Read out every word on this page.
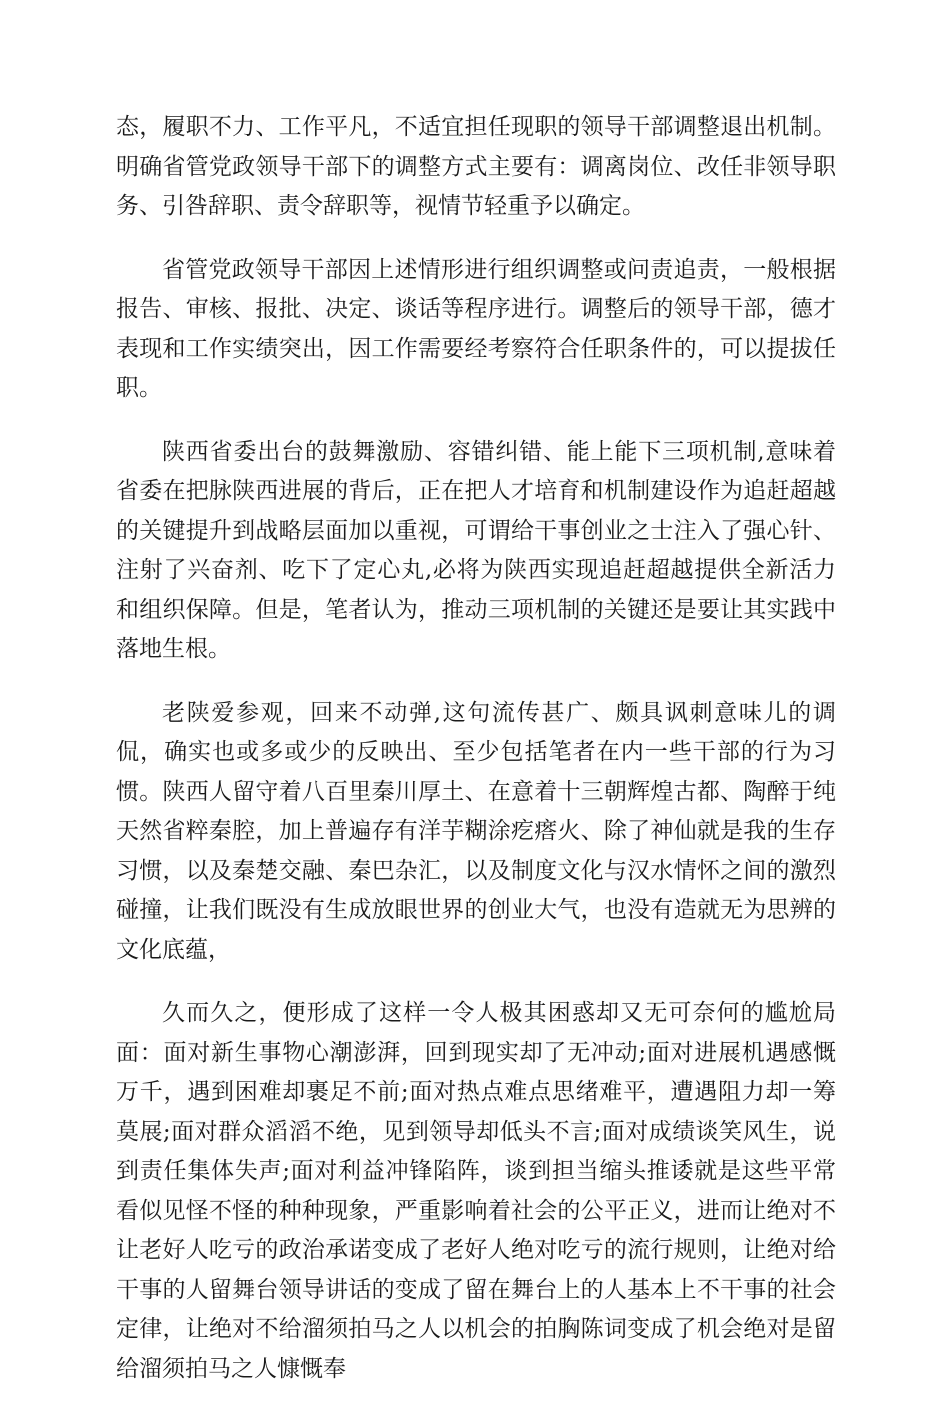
态，履职不力、工作平凡，不适宜担任现职的领导干部调整退出机制。明确省管党政领导干部下的调整方式主要有：调离岗位、改任非领导职务、引咎辞职、责令辞职等，视情节轻重予以确定。

省管党政领导干部因上述情形进行组织调整或问责追责，一般根据报告、审核、报批、决定、谈话等程序进行。调整后的领导干部，德才表现和工作实绩突出，因工作需要经考察符合任职条件的，可以提拔任职。

陕西省委出台的鼓舞激励、容错纠错、能上能下三项机制,意味着省委在把脉陕西进展的背后，正在把人才培育和机制建设作为追赶超越的关键提升到战略层面加以重视，可谓给干事创业之士注入了强心针、注射了兴奋剂、吃下了定心丸,必将为陕西实现追赶超越提供全新活力和组织保障。但是，笔者认为，推动三项机制的关键还是要让其实践中落地生根。

老陕爱参观，回来不动弹,这句流传甚广、颇具讽刺意味儿的调侃，确实也或多或少的反映出、至少包括笔者在内一些干部的行为习惯。陕西人留守着八百里秦川厚土、在意着十三朝辉煌古都、陶醉于纯天然省粹秦腔，加上普遍存有洋芋糊涂疙瘩火、除了神仙就是我的生存习惯，以及秦楚交融、秦巴杂汇，以及制度文化与汉水情怀之间的激烈碰撞，让我们既没有生成放眼世界的创业大气，也没有造就无为思辨的文化底蕴，

久而久之，便形成了这样一令人极其困惑却又无可奈何的尴尬局面：面对新生事物心潮澎湃，回到现实却了无冲动;面对进展机遇感慨万千，遇到困难却裹足不前;面对热点难点思绪难平，遭遇阻力却一筹莫展;面对群众滔滔不绝，见到领导却低头不言;面对成绩谈笑风生，说到责任集体失声;面对利益冲锋陷阵，谈到担当缩头推诿就是这些平常看似见怪不怪的种种现象，严重影响着社会的公平正义，进而让绝对不让老好人吃亏的政治承诺变成了老好人绝对吃亏的流行规则，让绝对给干事的人留舞台领导讲话的变成了留在舞台上的人基本上不干事的社会定律，让绝对不给溜须拍马之人以机会的拍胸陈词变成了机会绝对是留给溜须拍马之人慷慨奉
